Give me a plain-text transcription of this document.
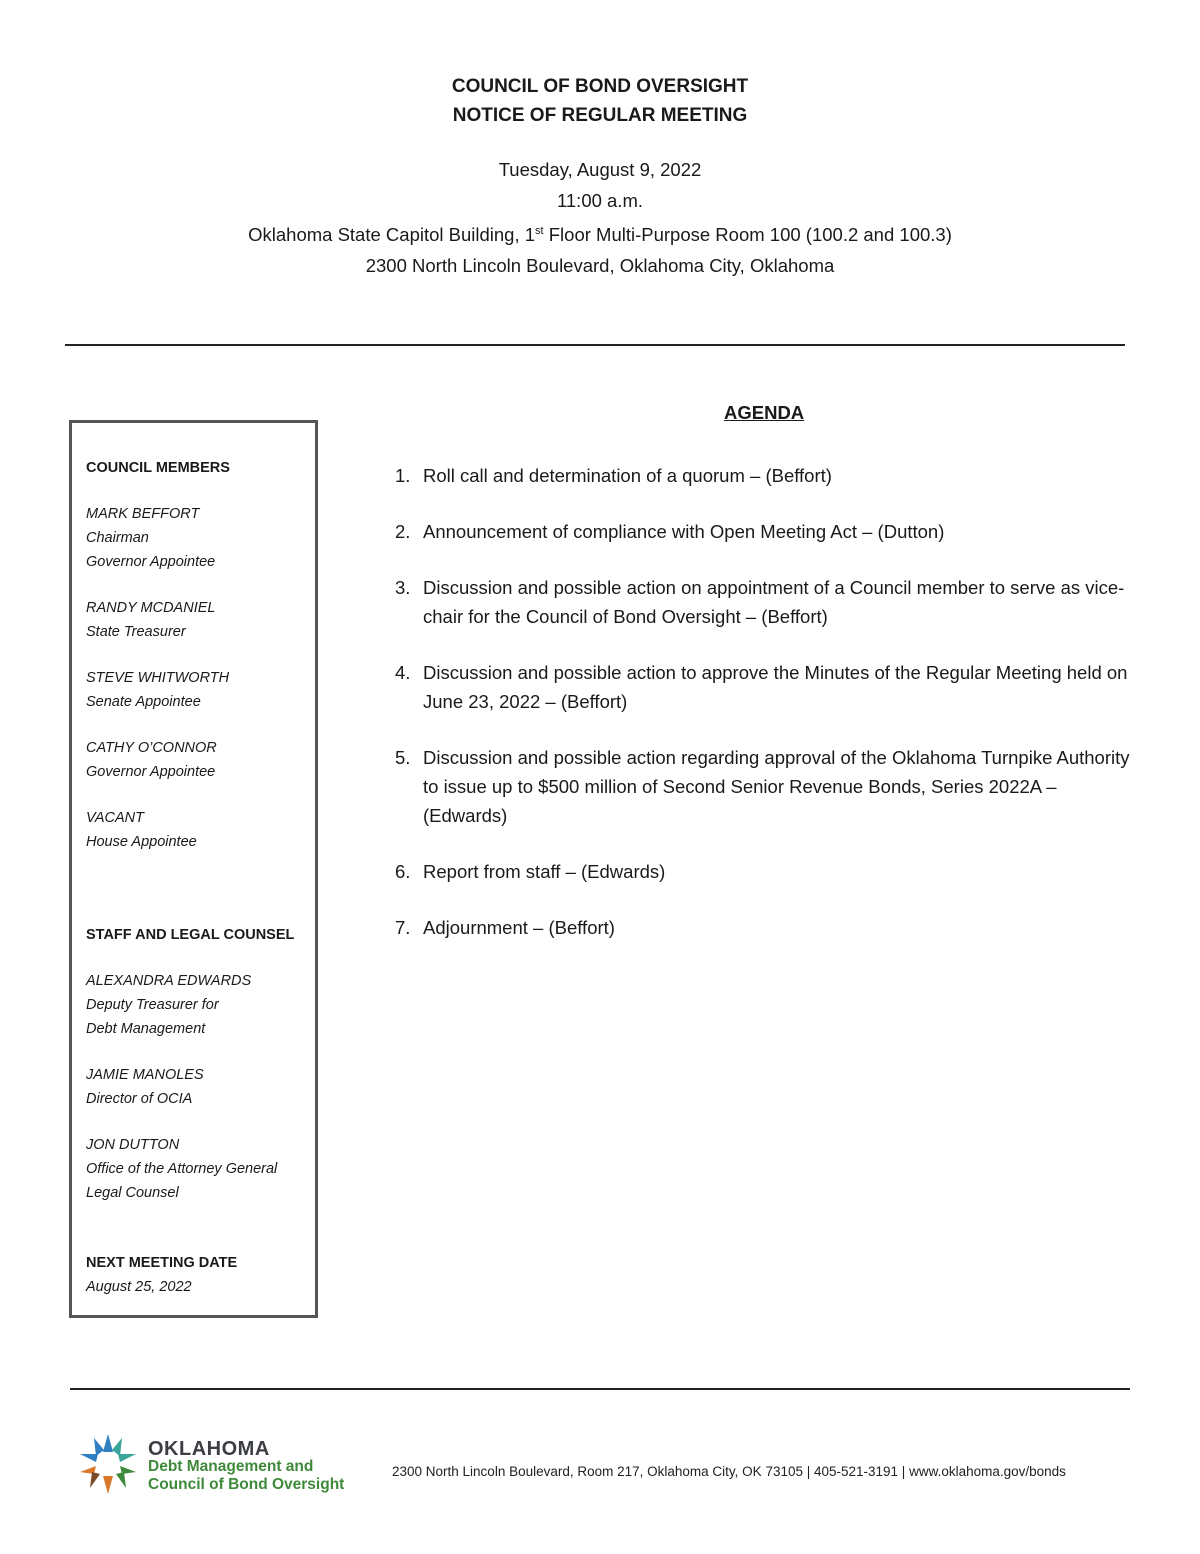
COUNCIL OF BOND OVERSIGHT
NOTICE OF REGULAR MEETING
Tuesday, August 9, 2022
11:00 a.m.
Oklahoma State Capitol Building, 1st Floor Multi-Purpose Room 100 (100.2 and 100.3)
2300 North Lincoln Boulevard, Oklahoma City, Oklahoma
COUNCIL MEMBERS
MARK BEFFORT
Chairman
Governor Appointee
RANDY MCDANIEL
State Treasurer
STEVE WHITWORTH
Senate Appointee
CATHY O’CONNOR
Governor Appointee
VACANT
House Appointee
STAFF AND LEGAL COUNSEL
ALEXANDRA EDWARDS
Deputy Treasurer for
Debt Management
JAMIE MANOLES
Director of OCIA
JON DUTTON
Office of the Attorney General
Legal Counsel
NEXT MEETING DATE
August 25, 2022
AGENDA
1. Roll call and determination of a quorum – (Beffort)
2. Announcement of compliance with Open Meeting Act – (Dutton)
3. Discussion and possible action on appointment of a Council member to serve as vice-chair for the Council of Bond Oversight – (Beffort)
4. Discussion and possible action to approve the Minutes of the Regular Meeting held on June 23, 2022 – (Beffort)
5. Discussion and possible action regarding approval of the Oklahoma Turnpike Authority to issue up to $500 million of Second Senior Revenue Bonds, Series 2022A – (Edwards)
6. Report from staff – (Edwards)
7. Adjournment – (Beffort)
OKLAHOMA
Debt Management and
Council of Bond Oversight
2300 North Lincoln Boulevard, Room 217, Oklahoma City, OK 73105 | 405-521-3191 | www.oklahoma.gov/bonds
